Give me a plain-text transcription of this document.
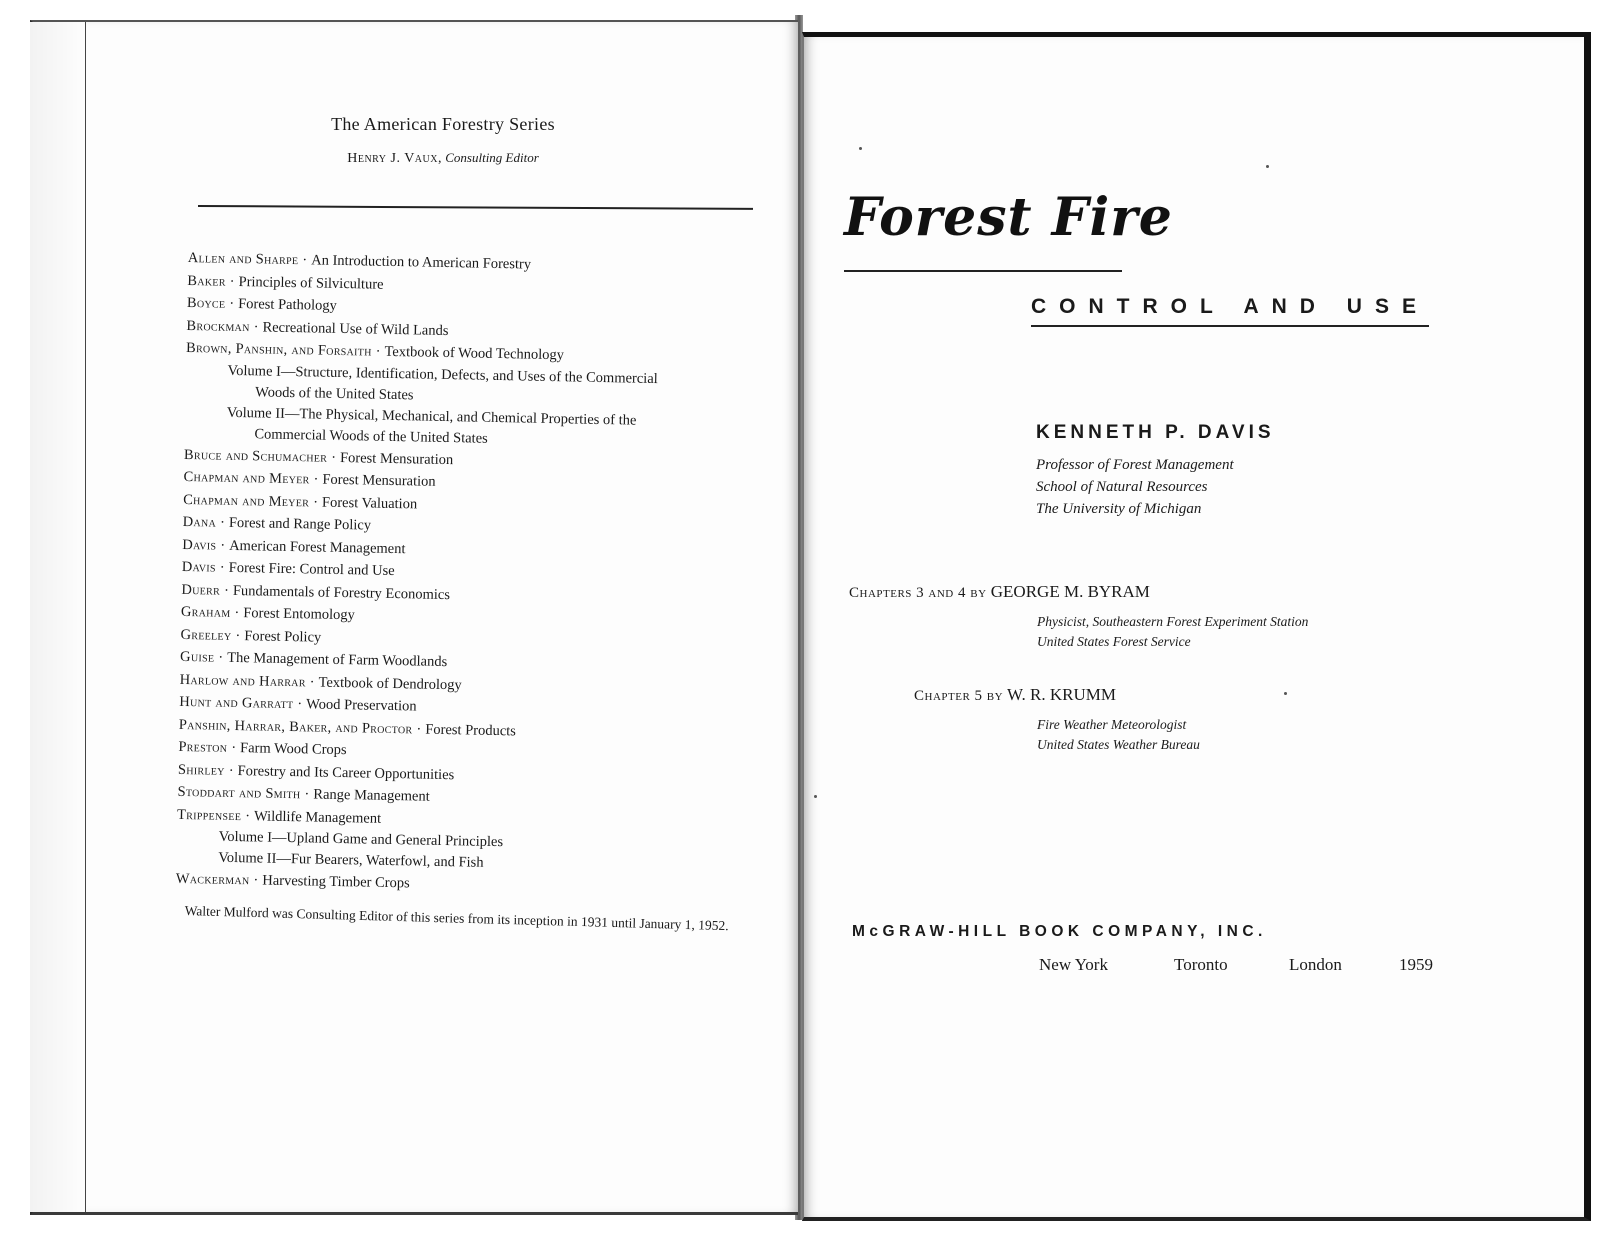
The American Forestry Series
Henry J. Vaux, Consulting Editor
Allen and Sharpe · An Introduction to American Forestry
Baker · Principles of Silviculture
Boyce · Forest Pathology
Brockman · Recreational Use of Wild Lands
Brown, Panshin, and Forsaith · Textbook of Wood Technology
Volume I—Structure, Identification, Defects, and Uses of the Commercial
Woods of the United States
Volume II—The Physical, Mechanical, and Chemical Properties of the
Commercial Woods of the United States
Bruce and Schumacher · Forest Mensuration
Chapman and Meyer · Forest Mensuration
Chapman and Meyer · Forest Valuation
Dana · Forest and Range Policy
Davis · American Forest Management
Davis · Forest Fire: Control and Use
Duerr · Fundamentals of Forestry Economics
Graham · Forest Entomology
Greeley · Forest Policy
Guise · The Management of Farm Woodlands
Harlow and Harrar · Textbook of Dendrology
Hunt and Garratt · Wood Preservation
Panshin, Harrar, Baker, and Proctor · Forest Products
Preston · Farm Wood Crops
Shirley · Forestry and Its Career Opportunities
Stoddart and Smith · Range Management
Trippensee · Wildlife Management
Volume I—Upland Game and General Principles
Volume II—Fur Bearers, Waterfowl, and Fish
Wackerman · Harvesting Timber Crops
Walter Mulford was Consulting Editor of this series from its inception in 1931 until January 1, 1952.
Forest Fire
CONTROL AND USE
KENNETH P. DAVIS
Professor of Forest Management
School of Natural Resources
The University of Michigan
Chapters 3 and 4 by GEORGE M. BYRAM
Physicist, Southeastern Forest Experiment Station
United States Forest Service
Chapter 5 by W. R. KRUMM
Fire Weather Meteorologist
United States Weather Bureau
McGRAW-HILL BOOK COMPANY, INC.
New York	Toronto	London	1959
